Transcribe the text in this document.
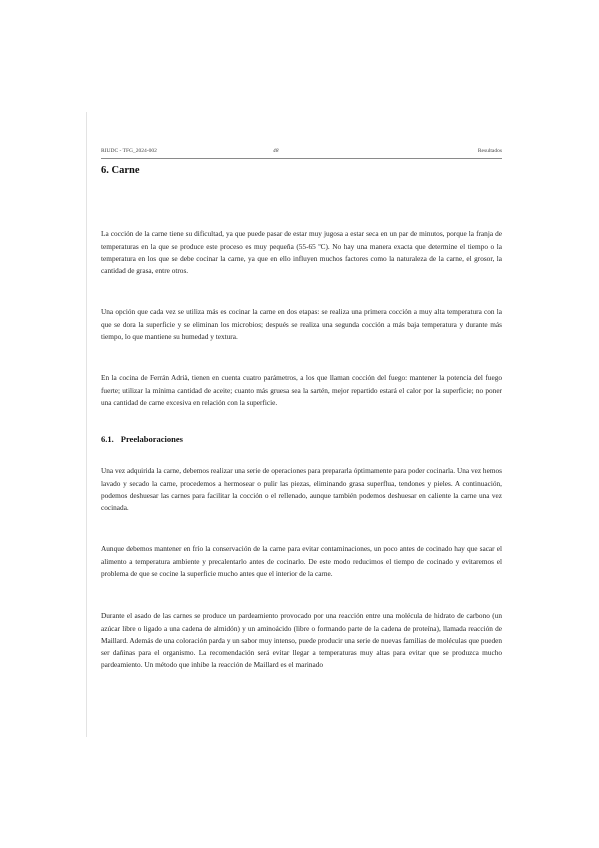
RIUDC - TFG_2024-002	48	Resultados
6. Carne

La cocción de la carne tiene su dificultad, ya que puede pasar de estar muy jugosa a estar seca en un par de minutos, porque la franja de temperaturas en la que se produce este proceso es muy pequeña (55-65 ºC). No hay una manera exacta que determine el tiempo o la temperatura en los que se debe cocinar la carne, ya que en ello influyen muchos factores como la naturaleza de la carne, el grosor, la cantidad de grasa, entre otros.

Una opción que cada vez se utiliza más es cocinar la carne en dos etapas: se realiza una primera cocción a muy alta temperatura con la que se dora la superficie y se eliminan los microbios; después se realiza una segunda cocción a más baja temperatura y durante más tiempo, lo que mantiene su humedad y textura.

En la cocina de Ferrán Adrià, tienen en cuenta cuatro parámetros, a los que llaman cocción del fuego: mantener la potencia del fuego fuerte; utilizar la mínima cantidad de aceite; cuanto más gruesa sea la sartén, mejor repartido estará el calor por la superficie; no poner una cantidad de carne excesiva en relación con la superficie.

6.1. Preelaboraciones

Una vez adquirida la carne, debemos realizar una serie de operaciones para prepararla óptimamente para poder cocinarla. Una vez hemos lavado y secado la carne, procedemos a hermosear o pulir las piezas, eliminando grasa superflua, tendones y pieles. A continuación, podemos deshuesar las carnes para facilitar la cocción o el rellenado, aunque también podemos deshuesar en caliente la carne una vez cocinada.

Aunque debemos mantener en frío la conservación de la carne para evitar contaminaciones, un poco antes de cocinado hay que sacar el alimento a temperatura ambiente y precalentarlo antes de cocinarlo. De este modo reducimos el tiempo de cocinado y evitaremos el problema de que se cocine la superficie mucho antes que el interior de la carne.

Durante el asado de las carnes se produce un pardeamiento provocado por una reacción entre una molécula de hidrato de carbono (un azúcar libre o ligado a una cadena de almidón) y un aminoácido (libre o formando parte de la cadena de proteína), llamada reacción de Maillard. Además de una coloración parda y un sabor muy intenso, puede producir una serie de nuevas familias de moléculas que pueden ser dañinas para el organismo. La recomendación será evitar llegar a temperaturas muy altas para evitar que se produzca mucho pardeamiento. Un método que inhibe la reacción de Maillard es el marinado
